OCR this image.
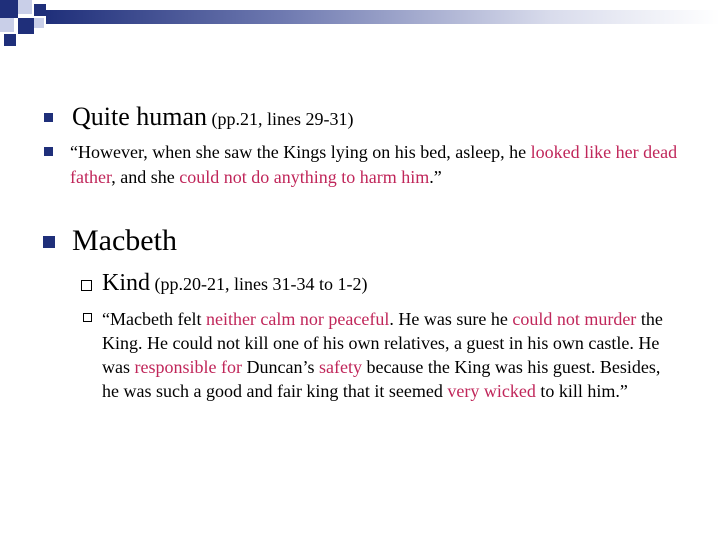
Quite human (pp.21, lines 29-31)
“However, when she saw the Kings lying on his bed, asleep, he looked like her dead father, and she could not do anything to harm him.”
Macbeth
Kind (pp.20-21, lines 31-34 to 1-2)
“Macbeth felt neither calm nor peaceful. He was sure he could not murder the King. He could not kill one of his own relatives, a guest in his own castle. He was responsible for Duncan’s safety because the King was his guest. Besides, he was such a good and fair king that it seemed very wicked to kill him.”
